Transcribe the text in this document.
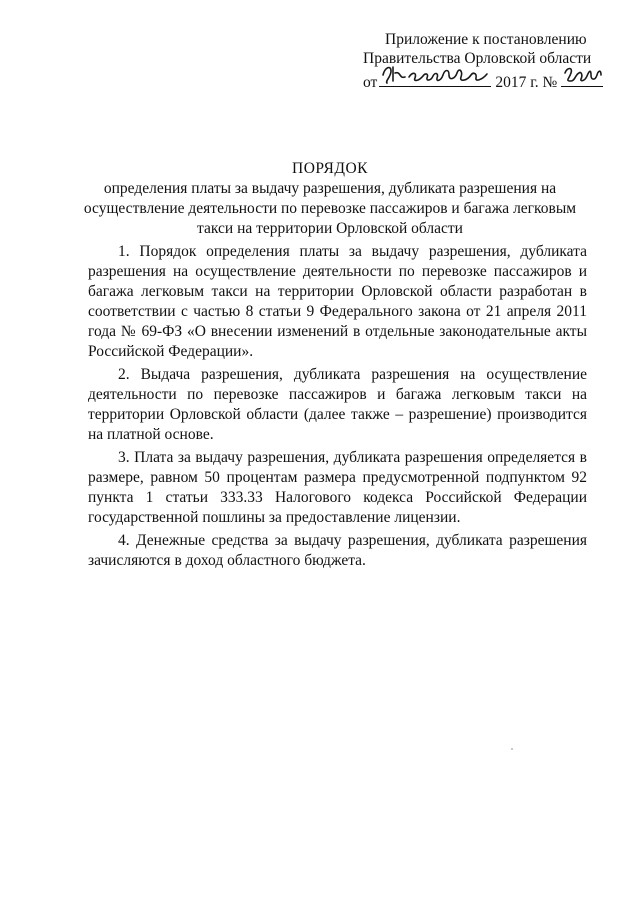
Приложение к постановлению
Правительства Орловской области
от	2017 г. №
ПОРЯДОК
определения платы за выдачу разрешения, дубликата разрешения на
осуществление деятельности по перевозке пассажиров и багажа легковым
такси на территории Орловской области

1. Порядок определения платы за выдачу разрешения, дубликата разрешения на осуществление деятельности по перевозке пассажиров и багажа легковым такси на территории Орловской области разработан в соответствии с частью 8 статьи 9 Федерального закона от 21 апреля 2011 года № 69-ФЗ «О внесении изменений в отдельные законодательные акты Российской Федерации».

2. Выдача разрешения, дубликата разрешения на осуществление деятельности по перевозке пассажиров и багажа легковым такси на территории Орловской области (далее также – разрешение) производится на платной основе.

3. Плата за выдачу разрешения, дубликата разрешения определяется в размере, равном 50 процентам размера предусмотренной подпунктом 92 пункта 1 статьи 333.33 Налогового кодекса Российской Федерации государственной пошлины за предоставление лицензии.

4. Денежные средства за выдачу разрешения, дубликата разрешения зачисляются в доход областного бюджета.
